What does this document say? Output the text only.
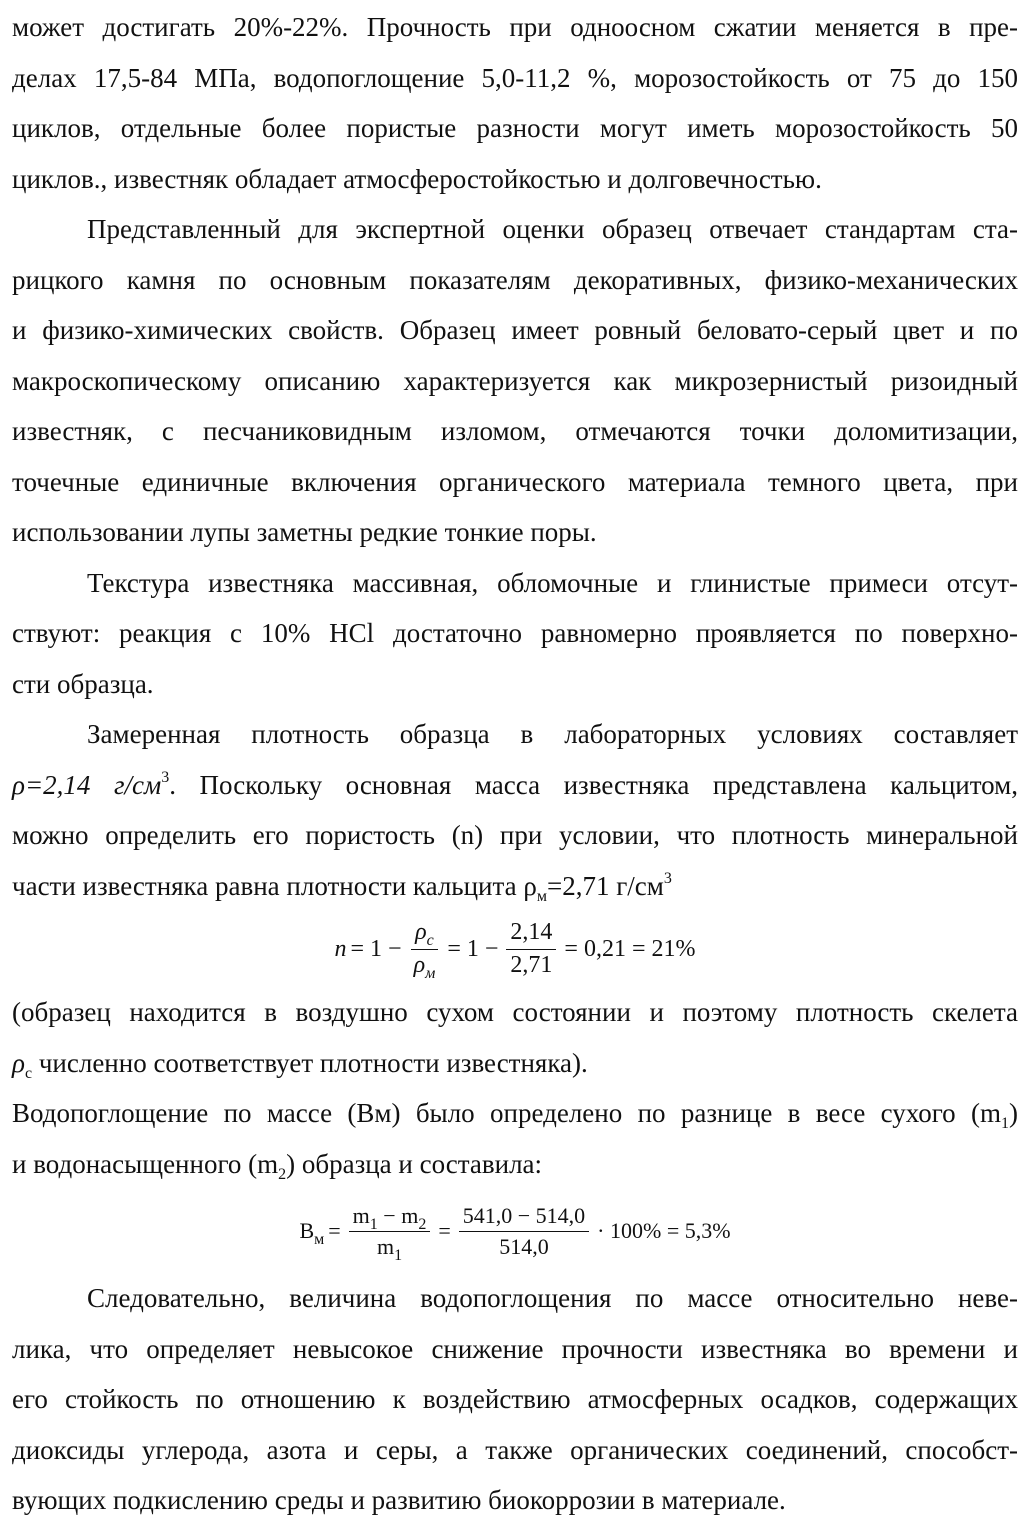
может достигать 20%-22%. Прочность при одноосном сжатии меняется в пре-
делах 17,5-84 МПа, водопоглощение 5,0-11,2 %, морозостойкость от 75 до 150
циклов, отдельные более пористые разности могут иметь морозостойкость 50
циклов., известняк обладает атмосферостойкостью и долговечностью.

Представленный для экспертной оценки образец отвечает стандартам ста-
рицкого камня по основным показателям декоративных, физико-механических
и физико-химических свойств. Образец имеет ровный беловато-серый цвет и по
макроскопическому описанию характеризуется как микрозернистый ризоидный
известняк, с песчаниковидным изломом, отмечаются точки доломитизации,
точечные единичные включения органического материала темного цвета, при
использовании лупы заметны редкие тонкие поры.

Текстура известняка массивная, обломочные и глинистые примеси отсут-
ствуют: реакция с 10% HCl достаточно равномерно проявляется по поверхно-
сти образца.

Замеренная плотность образца в лабораторных условиях составляет
ρ=2,14 $г/см^3$. Поскольку основная масса известняка представлена кальцитом,
можно определить его пористость (n) при условии, что плотность минеральной
части известняка равна плотности кальцита $\rho_м=2,71$ $г/см^3$

$n = 1 - \frac{\rho_c}{\rho_м} = 1 - \frac{2,14}{2,71} = 0,21 = 21\%$

(образец находится в воздушно сухом состоянии и поэтому плотность скелета
$\rho_с$ численно соответствует плотности известняка).

Водопоглощение по массе (Вм) было определено по разнице в весе сухого $(m_1)$
и водонасыщенного $(m_2)$ образца и составила:

$В_м = \frac{m_1 - m_2}{m_1} = \frac{541,0 - 514,0}{514,0} \cdot 100\% = 5,3\%$

Следовательно, величина водопоглощения по массе относительно неве-
лика, что определяет невысокое снижение прочности известняка во времени и
его стойкость по отношению к воздействию атмосферных осадков, содержащих
диоксиды углерода, азота и серы, а также органических соединений, способст-
вующих подкислению среды и развитию биокоррозии в материале.
